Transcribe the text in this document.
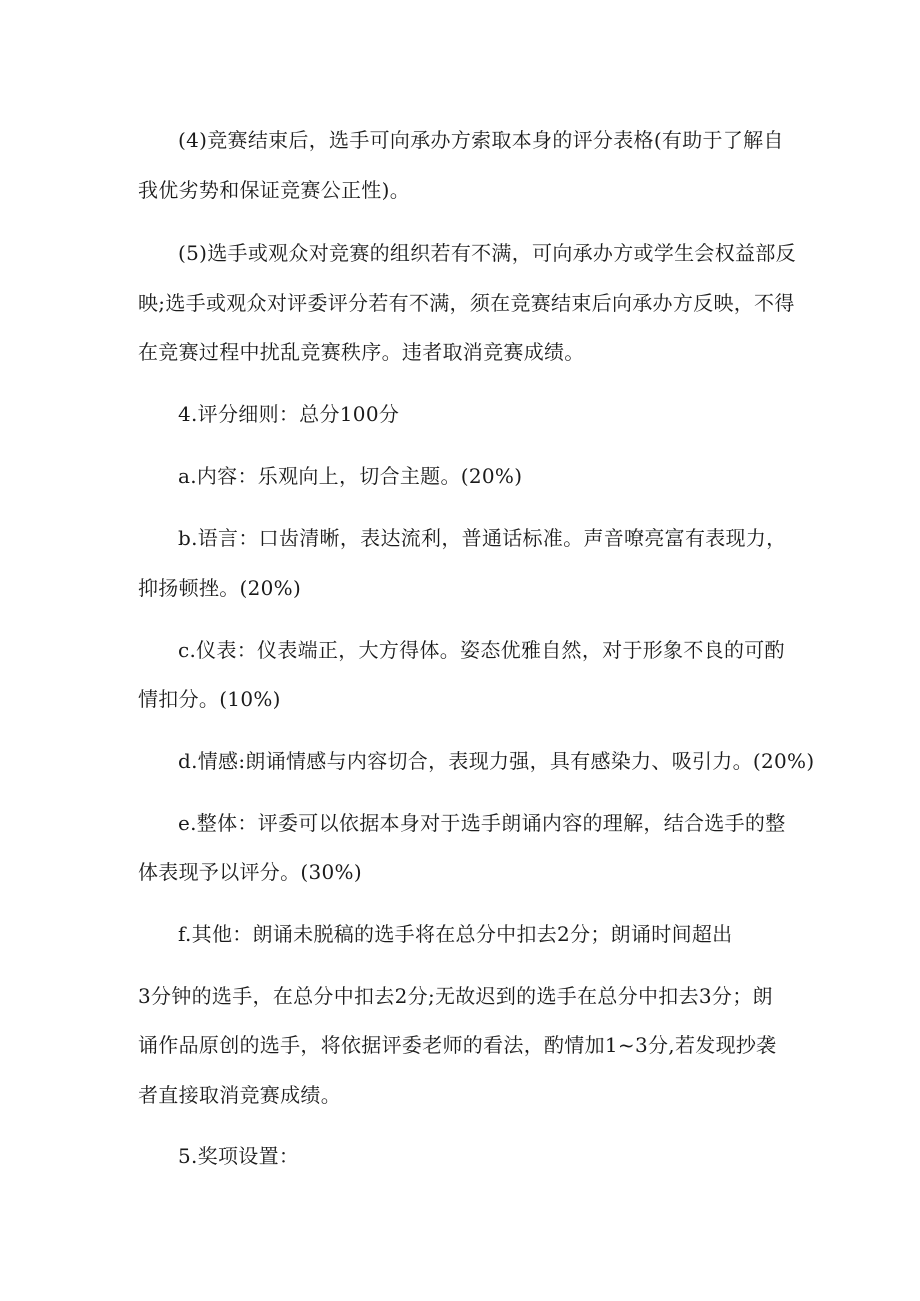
(4)竞赛结束后，选手可向承办方索取本身的评分表格(有助于了解自
我优劣势和保证竞赛公正性)。
(5)选手或观众对竞赛的组织若有不满，可向承办方或学生会权益部反
映;选手或观众对评委评分若有不满，须在竞赛结束后向承办方反映，不得
在竞赛过程中扰乱竞赛秩序。违者取消竞赛成绩。
4.评分细则：总分100分
a.内容：乐观向上，切合主题。(20%)
b.语言：口齿清晰，表达流利，普通话标准。声音嘹亮富有表现力，
抑扬顿挫。(20%)
c.仪表：仪表端正，大方得体。姿态优雅自然，对于形象不良的可酌
情扣分。(10%)
d.情感:朗诵情感与内容切合，表现力强，具有感染力、吸引力。(20%)
e.整体：评委可以依据本身对于选手朗诵内容的理解，结合选手的整
体表现予以评分。(30%)
f.其他：朗诵未脱稿的选手将在总分中扣去2分；朗诵时间超出
3分钟的选手，在总分中扣去2分;无故迟到的选手在总分中扣去3分；朗
诵作品原创的选手，将依据评委老师的看法，酌情加1~3分,若发现抄袭
者直接取消竞赛成绩。
5.奖项设置：
